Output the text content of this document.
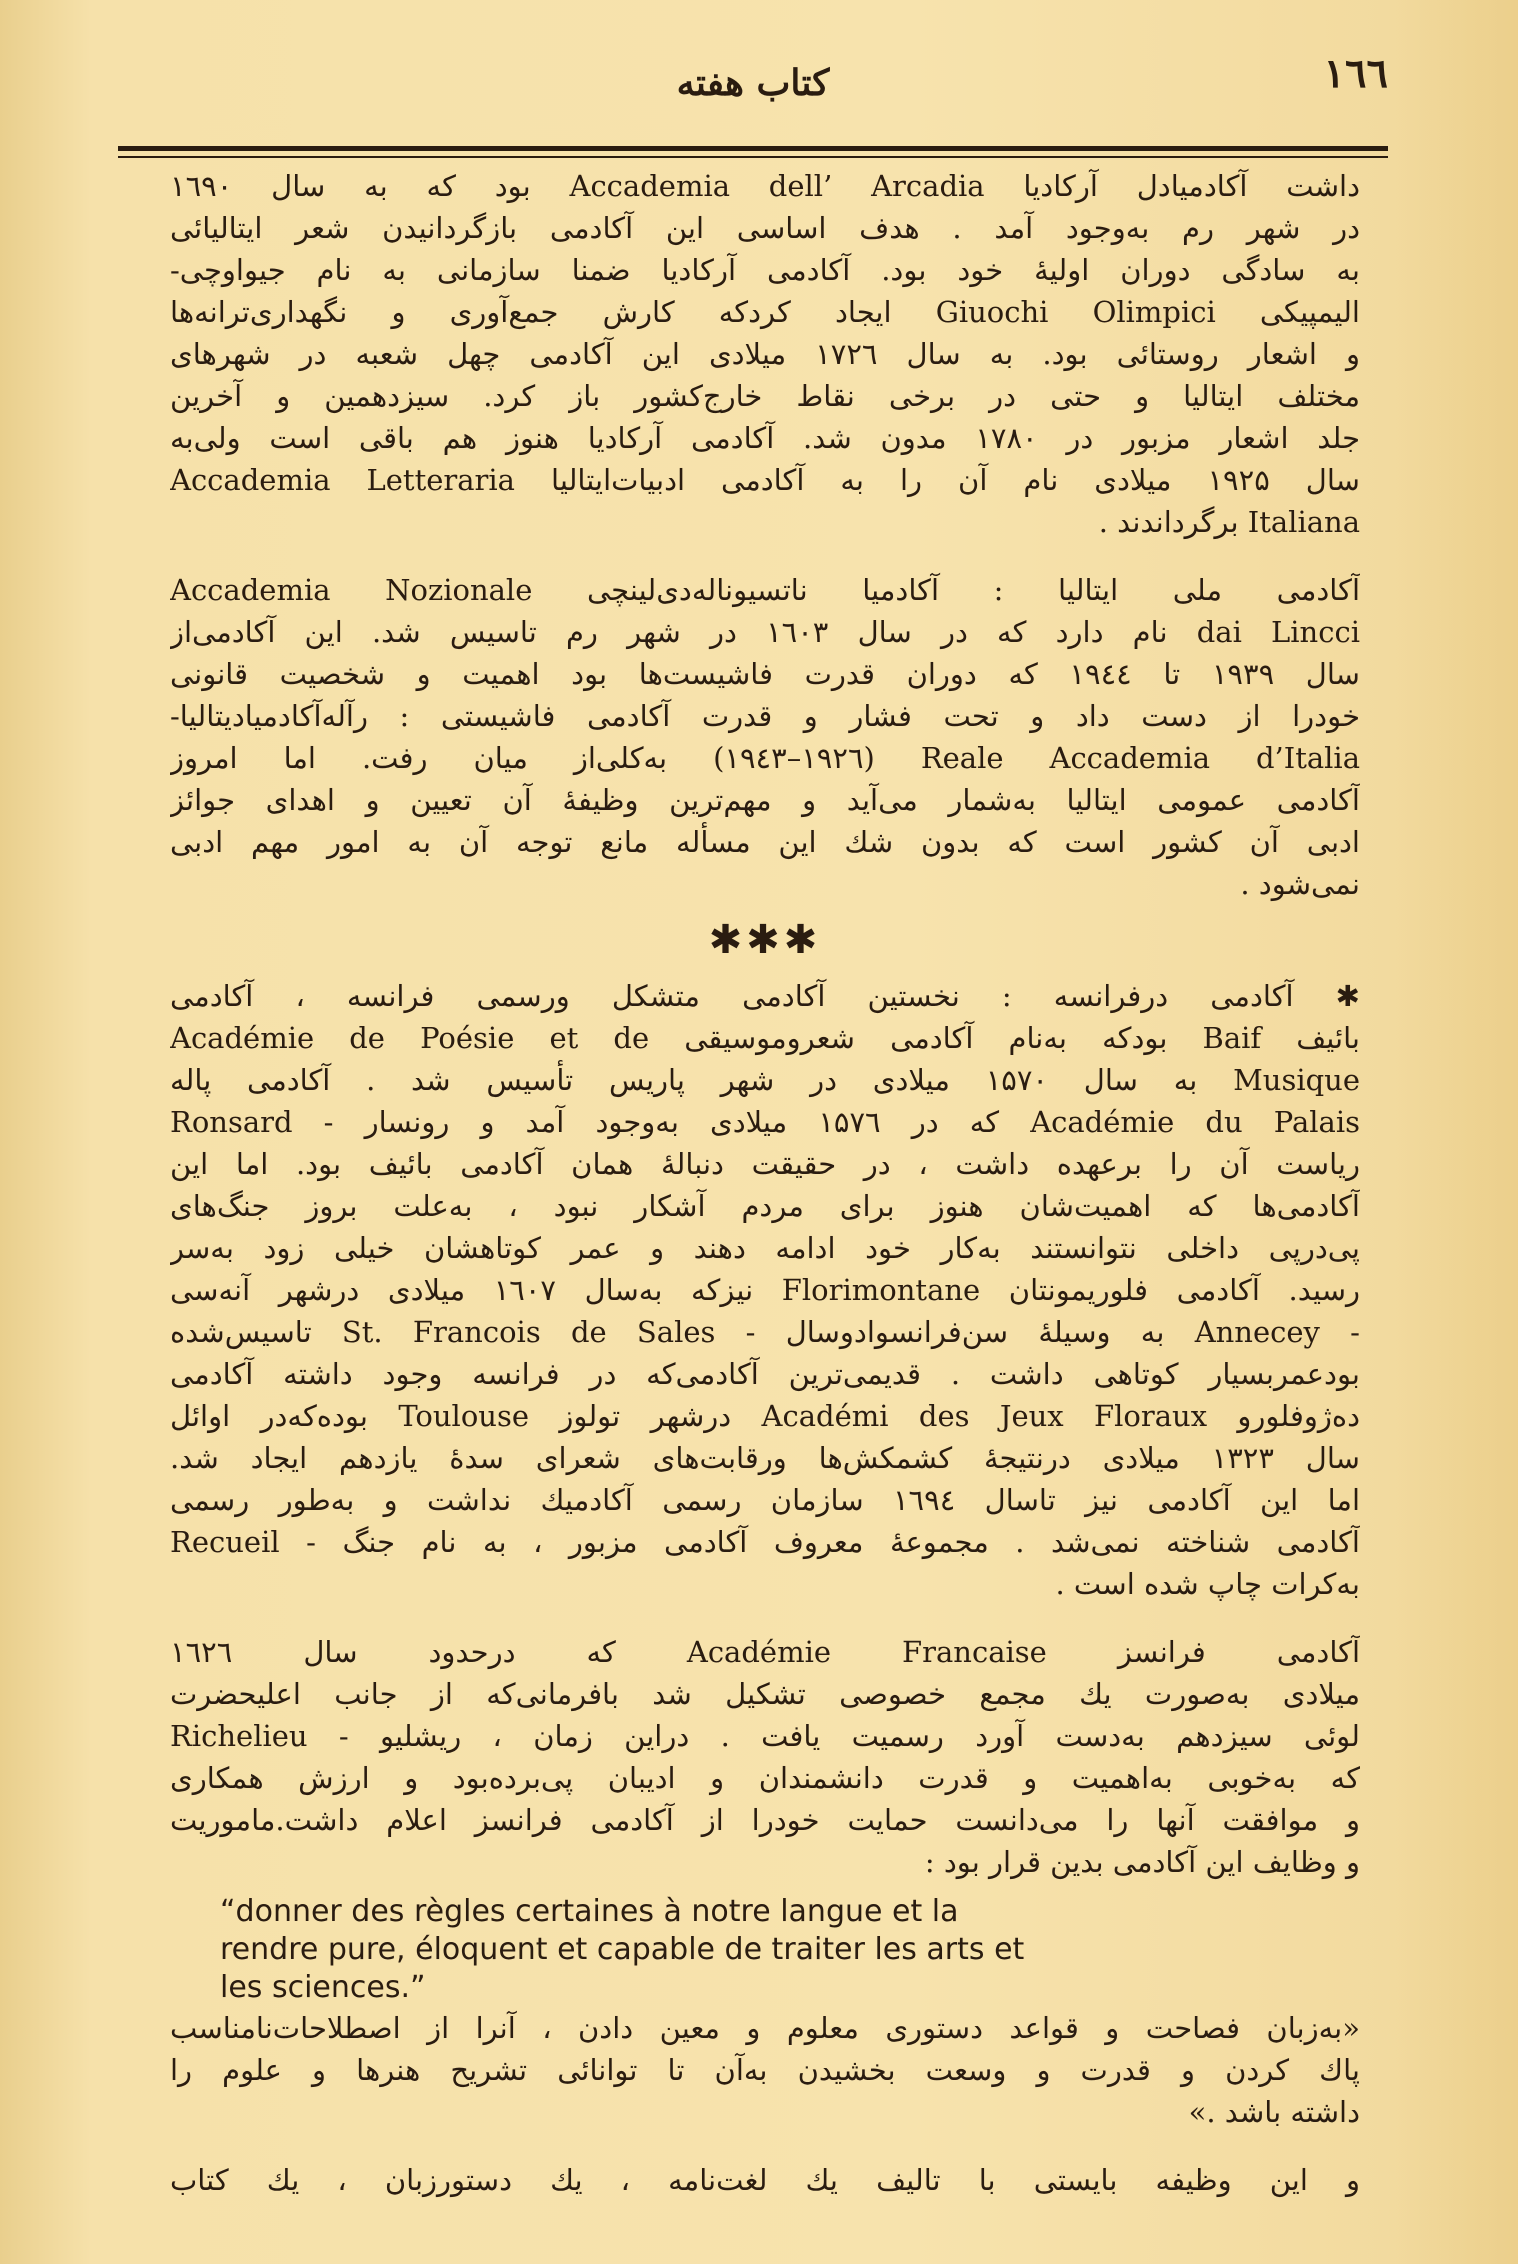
۱٦٦
کتاب هفته
داشت آکادمیادل آرکادیا Accademia dell’ Arcadia بود که به سال ۱٦۹۰
در شهر رم به‌وجود آمد . هدف اساسی این آکادمی بازگردانیدن شعر ایتالیائی
به سادگی دوران اولیهٔ خود بود. آکادمی آرکادیا ضمنا سازمانی به نام جیواوچی-
الیمپیکی Giuochi Olimpici ایجاد کردکه کارش جمع‌آوری و نگهداری‌ترانه‌ها
و اشعار روستائی بود. به سال ۱۷۲٦ میلادی این آکادمی چهل شعبه در شهرهای
مختلف ایتالیا و حتی در برخی نقاط خارج‌کشور باز کرد. سیزدهمین و آخرین
جلد اشعار مزبور در ۱۷۸۰ مدون شد. آکادمی آرکادیا هنوز هم باقی است ولی‌به
سال ۱۹۲۵ میلادی نام آن را به آکادمی ادبیات‌ایتالیا Accademia Letteraria
Italiana برگرداندند .
آکادمی ملی ایتالیا : آکادمیا ناتسیوناله‌دی‌لینچی Accademia Nozionale
dai Lincci نام دارد که در سال ۱٦۰۳ در شهر رم تاسیس شد. این آکادمی‌از
سال ۱۹۳۹ تا ۱۹٤٤ که دوران قدرت فاشیست‌ها بود اهمیت و شخصیت قانونی
خودرا از دست داد و تحت فشار و قدرت آکادمی فاشیستی : رآله‌آکادمیادیتالیا-
Reale Accademia d’Italia (۱۹۲٦–۱۹٤۳) به‌کلی‌از میان رفت. اما امروز
آکادمی عمومی ایتالیا به‌شمار می‌آید و مهم‌ترین وظیفهٔ آن تعیین و اهدای جوائز
ادبی آن کشور است که بدون شك این مسأله مانع توجه آن به امور مهم ادبی
نمی‌شود .
✱✱✱
✱ آکادمی درفرانسه : نخستین آکادمی متشکل ورسمی فرانسه ، آکادمی
بائیف Baif بودکه به‌نام آکادمی شعروموسیقی Académie de Poésie et de
Musique به سال ۱۵۷۰ میلادی در شهر پاریس تأسیس شد . آکادمی پاله
Académie du Palais که در ۱۵۷٦ میلادی به‌وجود آمد و رونسار - Ronsard
ریاست آن را برعهده داشت ، در حقیقت دنبالهٔ همان آکادمی بائیف بود. اما این
آکادمی‌ها که اهمیت‌شان هنوز برای مردم آشکار نبود ، به‌علت بروز جنگ‌های
پی‌درپی داخلی نتوانستند به‌کار خود ادامه دهند و عمر کوتاهشان خیلی زود به‌سر
رسید. آکادمی فلوریمونتان Florimontane نیزکه به‌سال ۱٦۰۷ میلادی درشهر آنه‌سی
- Annecey به وسیلهٔ سن‌فرانسوادوسال - St. Francois de Sales تاسیس‌شده
بودعمربسیار کوتاهی داشت . قدیمی‌ترین آکادمی‌که در فرانسه وجود داشته آکادمی
ده‌ژوفلورو Académi des Jeux Floraux درشهر تولوز Toulouse بوده‌که‌در اوائل
سال ۱۳۲۳ میلادی درنتیجهٔ کشمکش‌ها ورقابت‌های شعرای سدهٔ یازدهم ایجاد شد.
اما این آکادمی نیز تاسال ۱٦۹٤ سازمان رسمی آکادمیك نداشت و به‌طور رسمی
آکادمی شناخته نمی‌شد . مجموعهٔ معروف آکادمی مزبور ، به نام جنگ - Recueil
به‌کرات چاپ شده است .
آکادمی فرانسز Académie Francaise که درحدود سال ۱٦۲٦
میلادی به‌صورت یك مجمع خصوصی تشکیل شد بافرمانی‌که از جانب اعلیحضرت
لوئی سیزدهم به‌دست آورد رسمیت یافت . دراین زمان ، ریشلیو - Richelieu
که به‌خوبی به‌اهمیت و قدرت دانشمندان و ادیبان پی‌برده‌بود و ارزش همکاری
و موافقت آنها را می‌دانست حمایت خودرا از آکادمی فرانسز اعلام داشت.ماموریت
و وظایف این آکادمی بدین قرار بود :
“donner des règles certaines à notre langue et la
rendre pure, éloquent et capable de traiter les arts et
les sciences.”
«به‌زبان فصاحت و قواعد دستوری معلوم و معین دادن ، آنرا از اصطلاحات‌نامناسب
پاك کردن و قدرت و وسعت بخشیدن به‌آن تا توانائی تشریح هنرها و علوم را
داشته باشد .»
و این وظیفه بایستی با تالیف یك لغت‌نامه ، یك دستورزبان ، یك کتاب
